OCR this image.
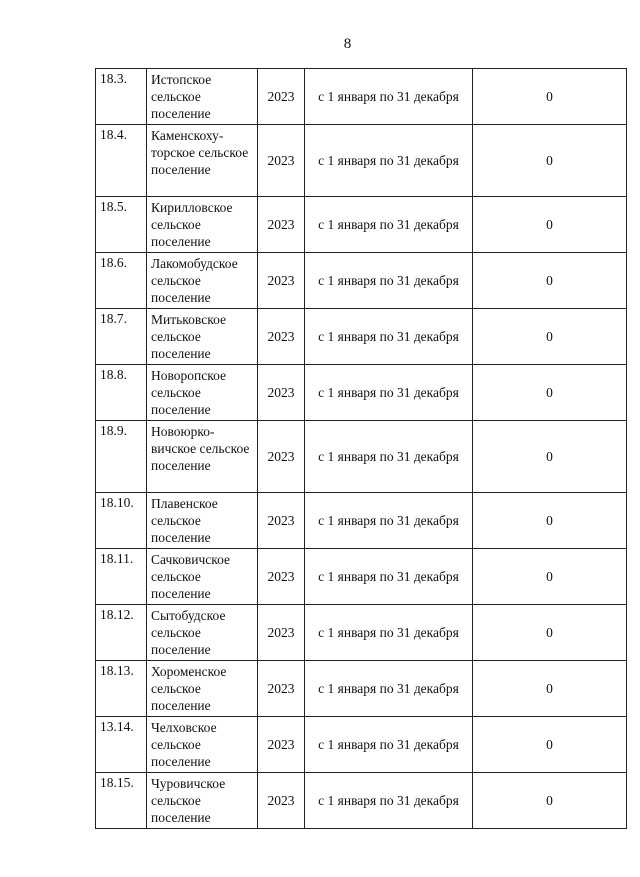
8
18.3.	Истопское сельское поселение	2023	с 1 января по 31 декабря	0
18.4.	Каменскоху-торское сельское поселение	2023	с 1 января по 31 декабря	0
18.5.	Кирилловское сельское поселение	2023	с 1 января по 31 декабря	0
18.6.	Лакомобудское сельское поселение	2023	с 1 января по 31 декабря	0
18.7.	Митьковское сельское поселение	2023	с 1 января по 31 декабря	0
18.8.	Новоропское сельское поселение	2023	с 1 января по 31 декабря	0
18.9.	Новоюрко-вичское сельское поселение	2023	с 1 января по 31 декабря	0
18.10.	Плавенское сельское поселение	2023	с 1 января по 31 декабря	0
18.11.	Сачковичское сельское поселение	2023	с 1 января по 31 декабря	0
18.12.	Сытобудское сельское поселение	2023	с 1 января по 31 декабря	0
18.13.	Хороменское сельское поселение	2023	с 1 января по 31 декабря	0
13.14.	Челховское сельское поселение	2023	с 1 января по 31 декабря	0
18.15.	Чуровичское сельское поселение	2023	с 1 января по 31 декабря	0
